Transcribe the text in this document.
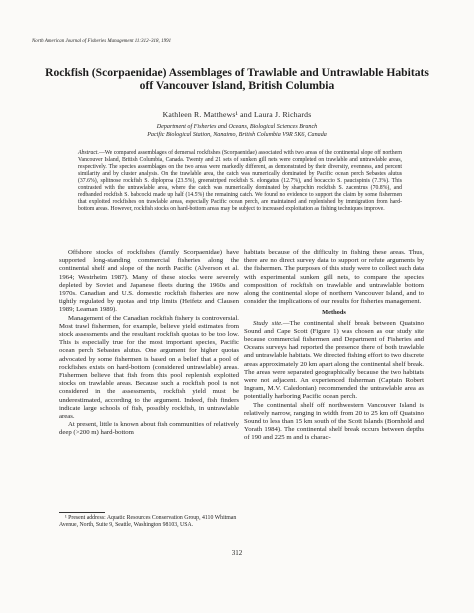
North American Journal of Fisheries Management 11:312–318, 1991
Rockfish (Scorpaenidae) Assemblages of Trawlable and Untrawlable Habitats off Vancouver Island, British Columbia
Kathleen R. Matthews¹ and Laura J. Richards
Department of Fisheries and Oceans, Biological Sciences Branch
Pacific Biological Station, Nanaimo, British Columbia V9R 5K6, Canada
Abstract.—We compared assemblages of demersal rockfishes (Scorpaenidae) associated with two areas of the continental slope off northern Vancouver Island, British Columbia, Canada. Twenty and 21 sets of sunken gill nets were completed on trawlable and untrawlable areas, respectively. The species assemblages on the two areas were markedly different, as demonstrated by their diversity, evenness, and percent similarity and by cluster analysis. On the trawlable area, the catch was numerically dominated by Pacific ocean perch Sebastes alutus (37.6%), splitnose rockfish S. diploproa (23.5%), greenstriped rockfish S. elongatus (12.7%), and bocaccio S. paucispinis (7.3%). This contrasted with the untrawlable area, where the catch was numerically dominated by sharpchin rockfish S. zacentrus (70.8%), and redbanded rockfish S. babcocki made up half (14.5%) the remaining catch. We found no evidence to support the claim by some fishermen that exploited rockfishes on trawlable areas, especially Pacific ocean perch, are maintained and replenished by immigration from hard-bottom areas. However, rockfish stocks on hard-bottom areas may be subject to increased exploitation as fishing techniques improve.

Offshore stocks of rockfishes (family Scorpaenidae) have supported long-standing commercial fisheries along the continental shelf and slope of the north Pacific (Alverson et al. 1964; Westrheim 1987). Many of these stocks were severely depleted by Soviet and Japanese fleets during the 1960s and 1970s. Canadian and U.S. domestic rockfish fisheries are now tightly regulated by quotas and trip limits (Heifetz and Clausen 1989; Leaman 1989).

Management of the Canadian rockfish fishery is controversial. Most trawl fishermen, for example, believe yield estimates from stock assessments and the resultant rockfish quotas to be too low. This is especially true for the most important species, Pacific ocean perch Sebastes alutus. One argument for higher quotas advocated by some fishermen is based on a belief that a pool of rockfishes exists on hard-bottom (considered untrawlable) areas. Fishermen believe that fish from this pool replenish exploited stocks on trawlable areas. Because such a rockfish pool is not considered in the assessments, rockfish yield must be underestimated, according to the argument. Indeed, fish finders indicate large schools of fish, possibly rockfish, in untrawlable areas.

At present, little is known about fish communities of relatively deep (>200 m) hard-bottom

habitats because of the difficulty in fishing these areas. Thus, there are no direct survey data to support or refute arguments by the fishermen. The purposes of this study were to collect such data with experimental sunken gill nets, to compare the species composition of rockfish on trawlable and untrawlable bottom along the continental slope of northern Vancouver Island, and to consider the implications of our results for fisheries management.

Methods

Study site.—The continental shelf break between Quatsino Sound and Cape Scott (Figure 1) was chosen as our study site because commercial fishermen and Department of Fisheries and Oceans surveys had reported the presence there of both trawlable and untrawlable habitats. We directed fishing effort to two discrete areas approximately 20 km apart along the continental shelf break. The areas were separated geographically because the two habitats were not adjacent. An experienced fisherman (Captain Robert Ingram, M.V. Caledonian) recommended the untrawlable area as potentially harboring Pacific ocean perch.

The continental shelf off northwestern Vancouver Island is relatively narrow, ranging in width from 20 to 25 km off Quatsino Sound to less than 15 km south of the Scott Islands (Bornhold and Yorath 1984). The continental shelf break occurs between depths of 190 and 225 m and is charac-

¹ Present address: Aquatic Resources Conservation Group, 4110 Whitman Avenue, North, Suite 9, Seattle, Washington 98103, USA.

312
